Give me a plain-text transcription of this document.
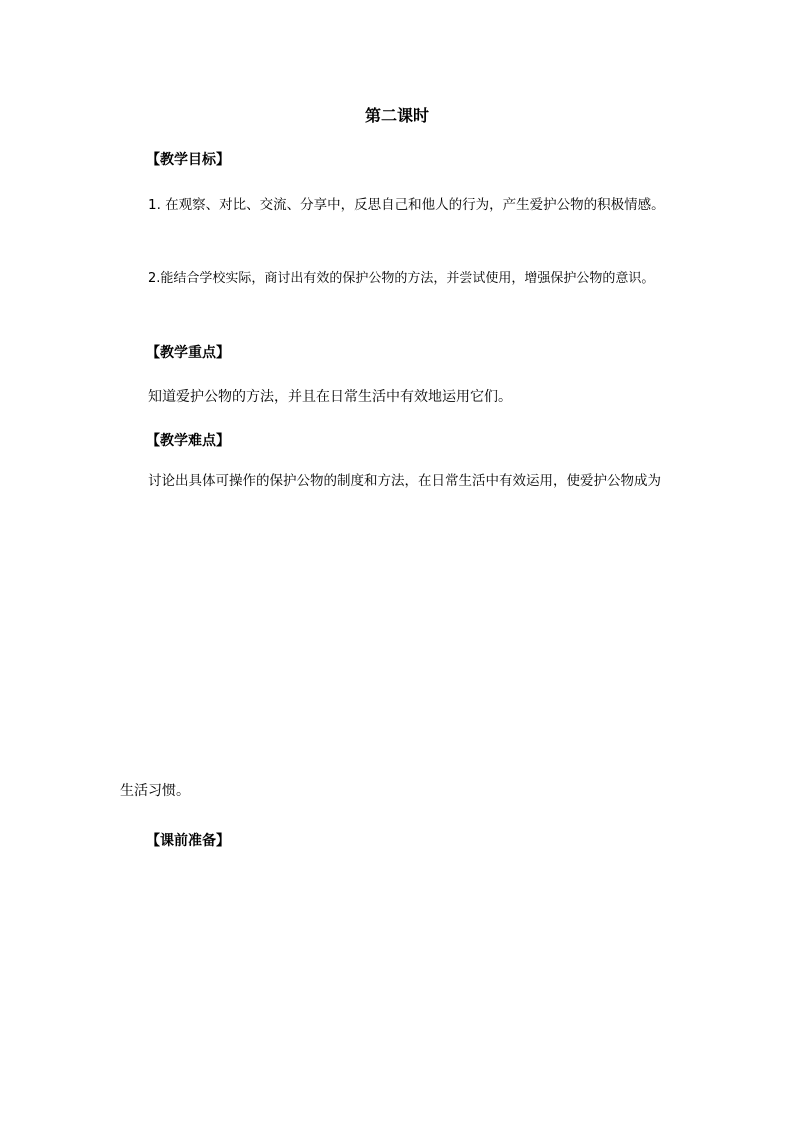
第二课时
【教学目标】
1. 在观察、对比、交流、分享中，反思自己和他人的行为，产生爱护公物的积极情感。
2.能结合学校实际，商讨出有效的保护公物的方法，并尝试使用，增强保护公物的意识。
【教学重点】
知道爱护公物的方法，并且在日常生活中有效地运用它们。
【教学难点】
讨论出具体可操作的保护公物的制度和方法，在日常生活中有效运用，使爱护公物成为
生活习惯。
【课前准备】
